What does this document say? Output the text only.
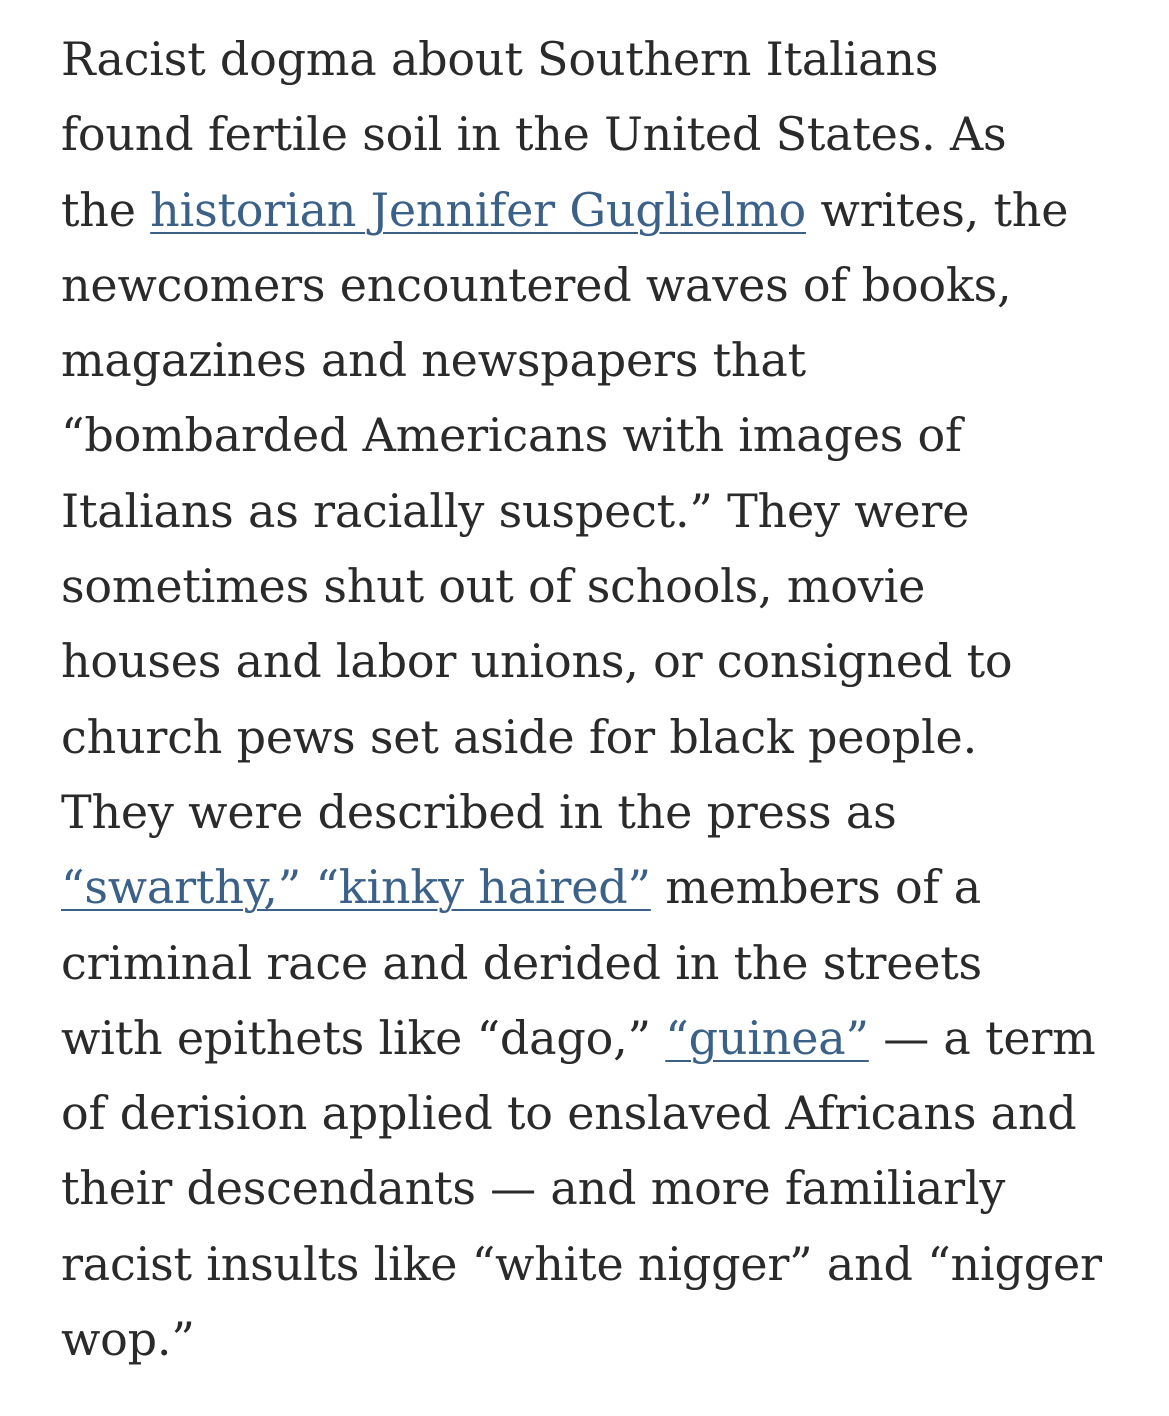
Racist dogma about Southern Italians
found fertile soil in the United States. As
the historian Jennifer Guglielmo writes, the
newcomers encountered waves of books,
magazines and newspapers that
“bombarded Americans with images of
Italians as racially suspect.” They were
sometimes shut out of schools, movie
houses and labor unions, or consigned to
church pews set aside for black people.
They were described in the press as
“swarthy,” “kinky haired” members of a
criminal race and derided in the streets
with epithets like “dago,” “guinea” — a term
of derision applied to enslaved Africans and
their descendants — and more familiarly
racist insults like “white nigger” and “nigger
wop.”
